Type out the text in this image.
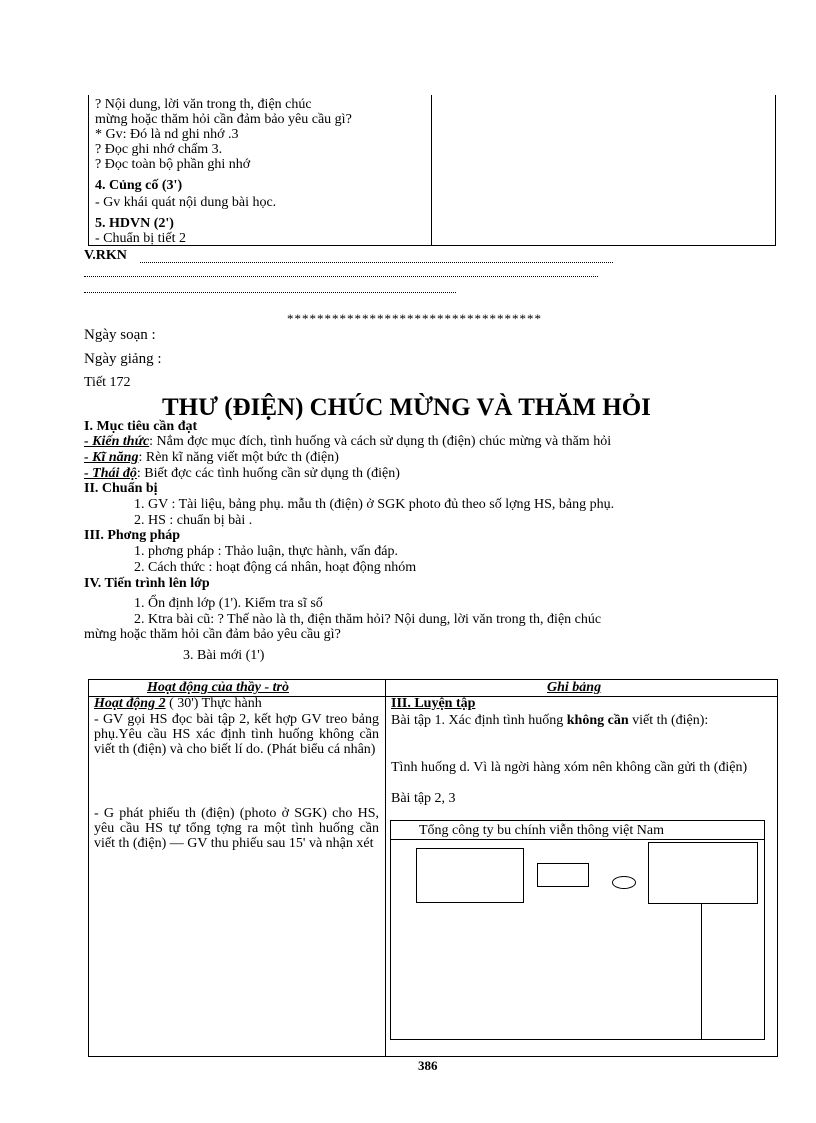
? Nội dung, lời văn trong th, điện chúc
mừng hoặc thăm hỏi cần đảm bảo yêu cầu gì?
* Gv: Đó là nd ghi nhớ .3
? Đọc ghi nhớ chấm 3.
? Đọc toàn bộ phần ghi nhớ
4. Củng cố (3')
- Gv khái quát nội dung bài học.
5. HDVN (2')
- Chuẩn bị tiết 2
V.RKN
**********************************
Ngày soạn :
Ngày giảng :
Tiết 172
THƯ (ĐIỆN) CHÚC MỪNG VÀ THĂM HỎI
I. Mục tiêu cần đạt
- Kiến thức: Nắm đợc mục đích, tình huống và cách sử dụng th (điện) chúc mừng và thăm hỏi
- Kĩ năng: Rèn kĩ năng viết một bức th (điện)
- Thái độ: Biết đợc các tình huống cần sử dụng th (điện)
II. Chuẩn bị
1. GV : Tài liệu, bảng phụ. mẫu th (điện) ở SGK photo đủ theo số lợng HS, bảng phụ.
2. HS : chuẩn bị bài .
III. Phơng pháp
1. phơng pháp : Thảo luận, thực hành, vấn đáp.
2. Cách thức : hoạt động cá nhân, hoạt động nhóm
IV. Tiến trình lên lớp
1. Ổn định lớp (1'). Kiểm tra sĩ số
2. Ktra bài cũ: ? Thế nào là th, điện thăm hỏi? Nội dung, lời văn trong th, điện chúc
mừng hoặc thăm hỏi cần đảm bảo yêu cầu gì?
3. Bài mới (1')
Hoạt động của thầy - trò	Ghi bảng
Hoạt động 2 ( 30') Thực hành
- GV gọi HS đọc bài tập 2, kết hợp GV treo bảng phụ.Yêu cầu HS xác định tình huống không cần viết th (điện) và cho biết lí do. (Phát biểu cá nhân)
- G phát phiếu th (điện) (photo ở SGK) cho HS, yêu cầu HS tự tổng tợng ra một tình huống cần viết th (điện) — GV thu phiếu sau 15' và nhận xét
III. Luyện tập
Bài tập 1. Xác định tình huống không cần viết th (điện):
Tình huống d. Vì là ngời hàng xóm nên không cần gửi th (điện)
Bài tập 2, 3
Tổng công ty bu chính viễn thông việt Nam
386
